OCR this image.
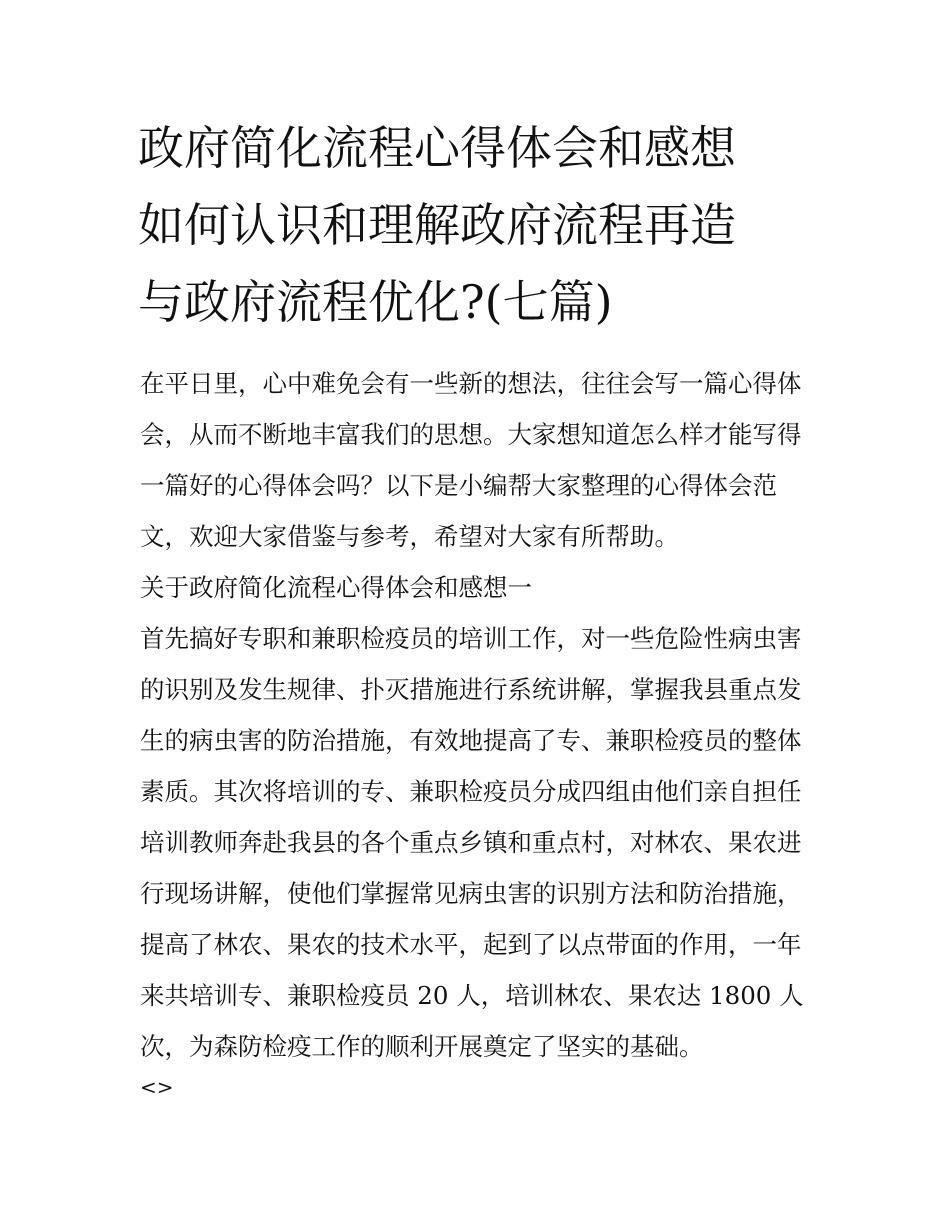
政府简化流程心得体会和感想
如何认识和理解政府流程再造
与政府流程优化?(七篇)
在平日里，心中难免会有一些新的想法，往往会写一篇心得体
会，从而不断地丰富我们的思想。大家想知道怎么样才能写得
一篇好的心得体会吗？以下是小编帮大家整理的心得体会范
文，欢迎大家借鉴与参考，希望对大家有所帮助。
关于政府简化流程心得体会和感想一
首先搞好专职和兼职检疫员的培训工作，对一些危险性病虫害
的识别及发生规律、扑灭措施进行系统讲解，掌握我县重点发
生的病虫害的防治措施，有效地提高了专、兼职检疫员的整体
素质。其次将培训的专、兼职检疫员分成四组由他们亲自担任
培训教师奔赴我县的各个重点乡镇和重点村，对林农、果农进
行现场讲解，使他们掌握常见病虫害的识别方法和防治措施，
提高了林农、果农的技术水平，起到了以点带面的作用，一年
来共培训专、兼职检疫员 20 人，培训林农、果农达 1800 人
次，为森防检疫工作的顺利开展奠定了坚实的基础。
<>
